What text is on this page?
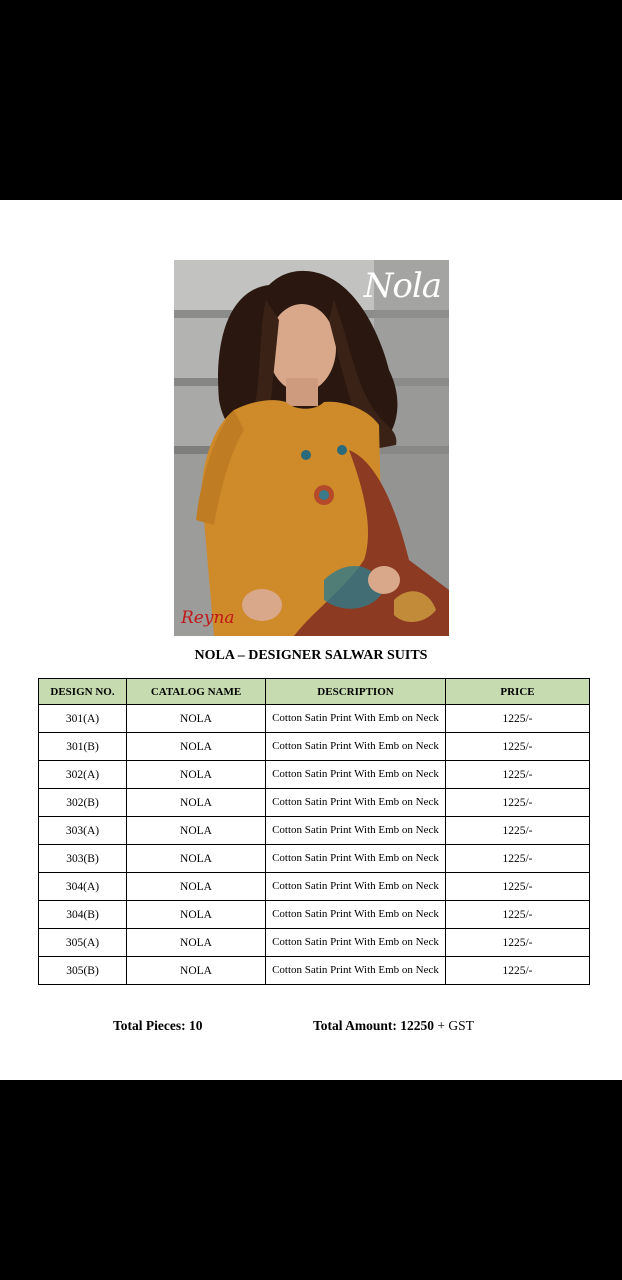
Nola
Reyna
NOLA – DESIGNER SALWAR SUITS
DESIGN NO.	CATALOG NAME	DESCRIPTION	PRICE
301(A)	NOLA	Cotton Satin Print With Emb on Neck	1225/-
301(B)	NOLA	Cotton Satin Print With Emb on Neck	1225/-
302(A)	NOLA	Cotton Satin Print With Emb on Neck	1225/-
302(B)	NOLA	Cotton Satin Print With Emb on Neck	1225/-
303(A)	NOLA	Cotton Satin Print With Emb on Neck	1225/-
303(B)	NOLA	Cotton Satin Print With Emb on Neck	1225/-
304(A)	NOLA	Cotton Satin Print With Emb on Neck	1225/-
304(B)	NOLA	Cotton Satin Print With Emb on Neck	1225/-
305(A)	NOLA	Cotton Satin Print With Emb on Neck	1225/-
305(B)	NOLA	Cotton Satin Print With Emb on Neck	1225/-
Total Pieces: 10	Total Amount: 12250 + GST
